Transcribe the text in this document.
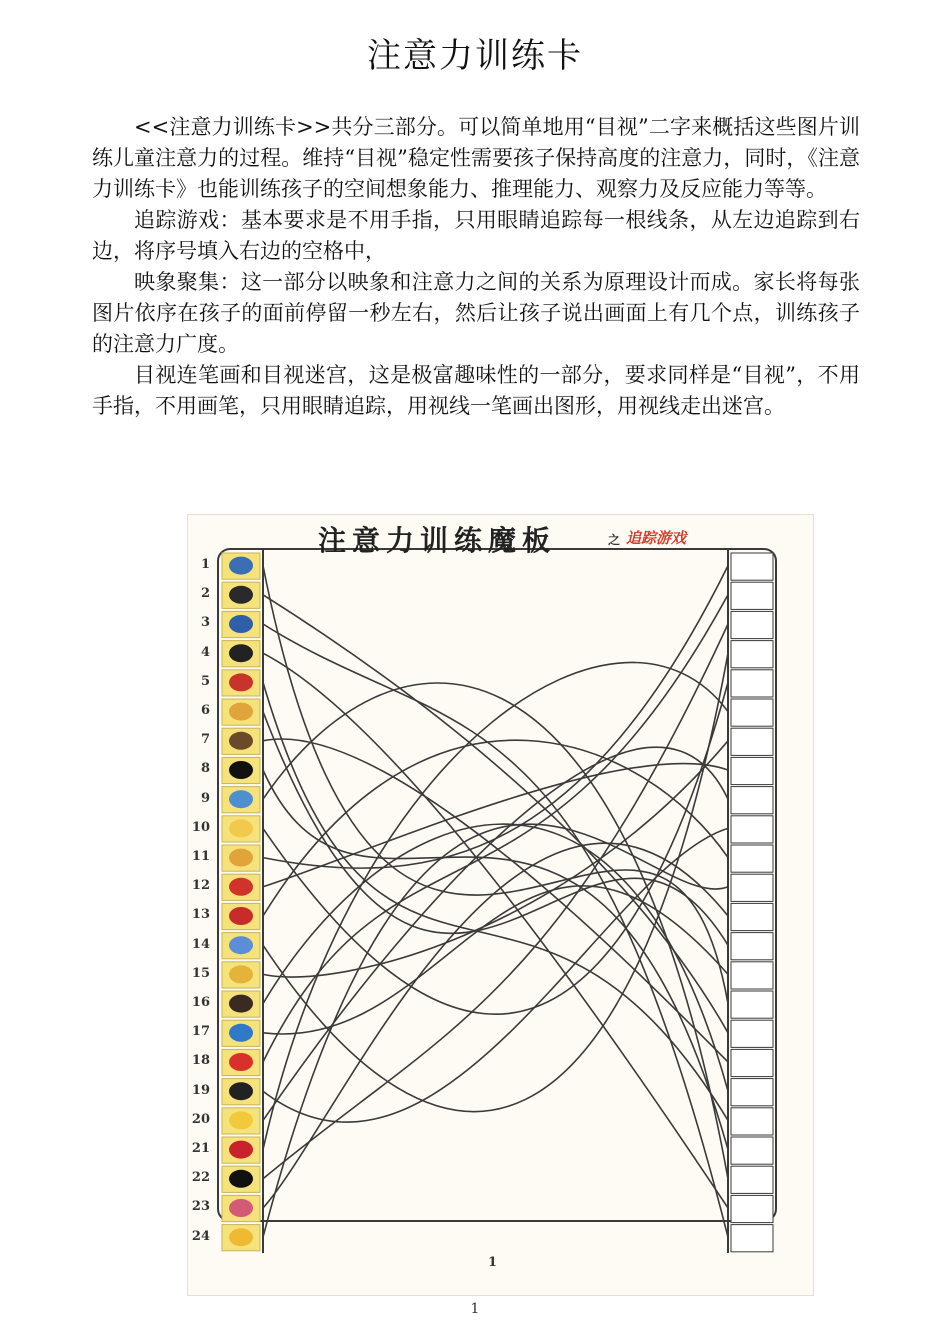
注意力训练卡

<<注意力训练卡>>共分三部分。可以简单地用“目视”二字来概括这些图片训练儿童注意力的过程。维持“目视”稳定性需要孩子保持高度的注意力，同时，《注意力训练卡》也能训练孩子的空间想象能力、推理能力、观察力及反应能力等等。

追踪游戏：基本要求是不用手指，只用眼睛追踪每一根线条，从左边追踪到右边，将序号填入右边的空格中，

映象聚集：这一部分以映象和注意力之间的关系为原理设计而成。家长将每张图片依序在孩子的面前停留一秒左右，然后让孩子说出画面上有几个点，训练孩子的注意力广度。

目视连笔画和目视迷宫，这是极富趣味性的一部分，要求同样是“目视”，不用手指，不用画笔，只用眼睛追踪，用视线一笔画出图形，用视线走出迷宫。

注意力训练魔板	之 追踪游戏
1
2
3
4
5
6
7
8
9
10
11
12
13
14
15
16
17
18
19
20
21
22
23
24
1
1
